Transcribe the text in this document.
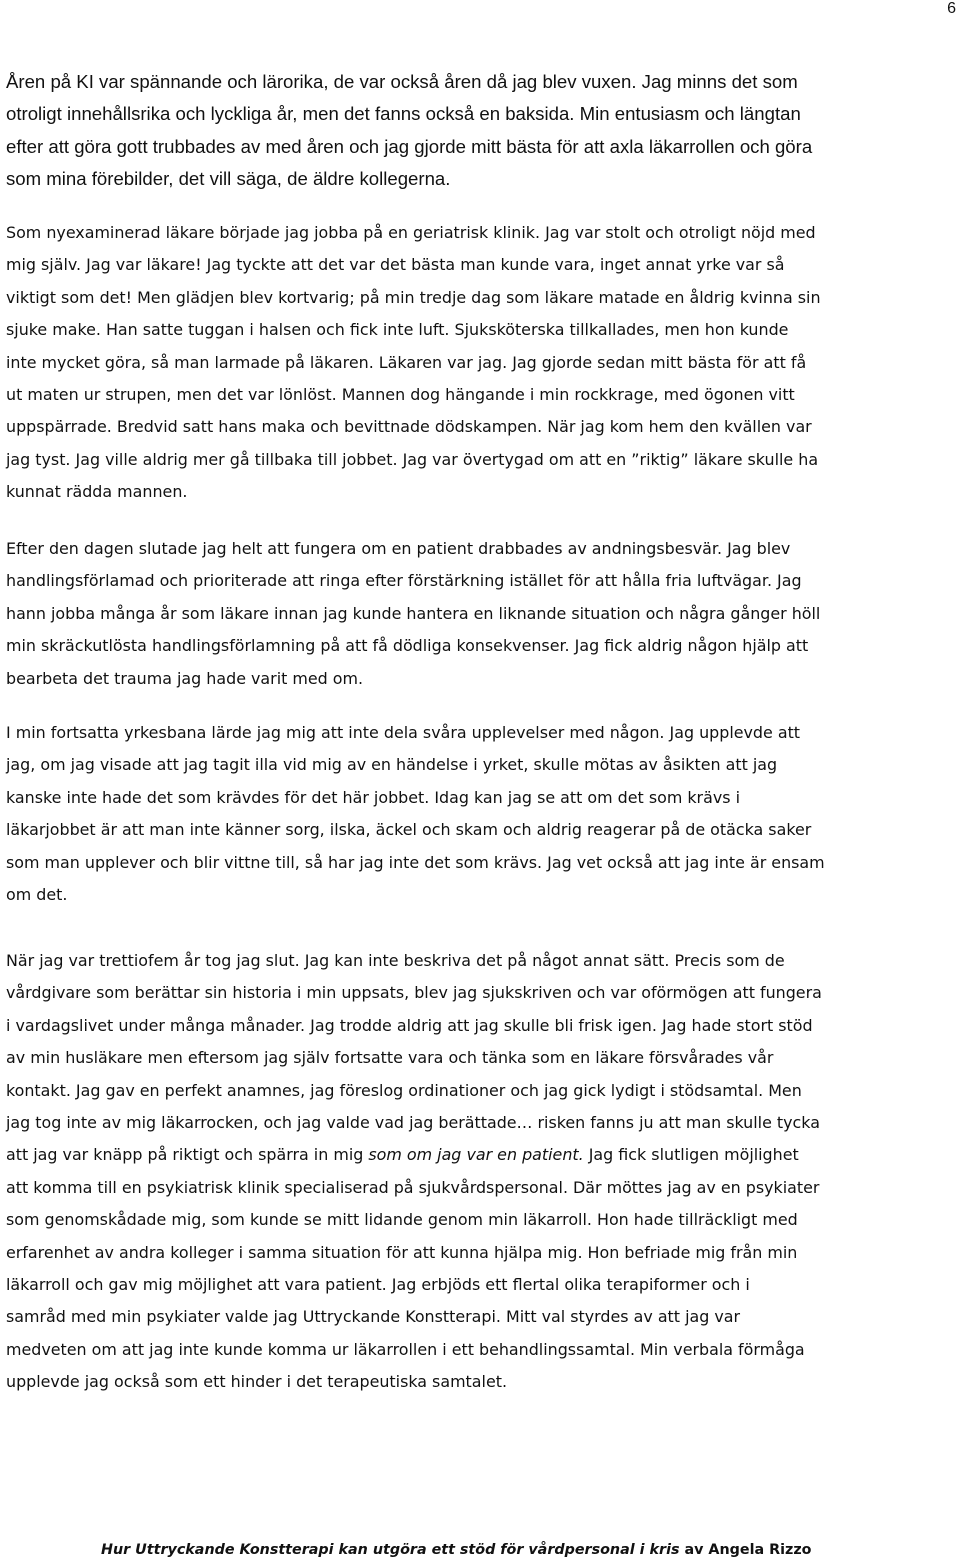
6

Åren på KI var spännande och lärorika, de var också åren då jag blev vuxen. Jag minns det som
otroligt innehållsrika och lyckliga år, men det fanns också en baksida. Min entusiasm och längtan
efter att göra gott trubbades av med åren och jag gjorde mitt bästa för att axla läkarrollen och göra
som mina förebilder, det vill säga, de äldre kollegerna.

Som nyexaminerad läkare började jag jobba på en geriatrisk klinik. Jag var stolt och otroligt nöjd med
mig själv. Jag var läkare! Jag tyckte att det var det bästa man kunde vara, inget annat yrke var så
viktigt som det! Men glädjen blev kortvarig; på min tredje dag som läkare matade en åldrig kvinna sin
sjuke make. Han satte tuggan i halsen och fick inte luft. Sjuksköterska tillkallades, men hon kunde
inte mycket göra, så man larmade på läkaren. Läkaren var jag. Jag gjorde sedan mitt bästa för att få
ut maten ur strupen, men det var lönlöst. Mannen dog hängande i min rockkrage, med ögonen vitt
uppspärrade. Bredvid satt hans maka och bevittnade dödskampen. När jag kom hem den kvällen var
jag tyst. Jag ville aldrig mer gå tillbaka till jobbet. Jag var övertygad om att en ”riktig” läkare skulle ha
kunnat rädda mannen.

Efter den dagen slutade jag helt att fungera om en patient drabbades av andningsbesvär. Jag blev
handlingsförlamad och prioriterade att ringa efter förstärkning istället för att hålla fria luftvägar. Jag
hann jobba många år som läkare innan jag kunde hantera en liknande situation och några gånger höll
min skräckutlösta handlingsförlamning på att få dödliga konsekvenser. Jag fick aldrig någon hjälp att
bearbeta det trauma jag hade varit med om.

I min fortsatta yrkesbana lärde jag mig att inte dela svåra upplevelser med någon. Jag upplevde att
jag, om jag visade att jag tagit illa vid mig av en händelse i yrket, skulle mötas av åsikten att jag
kanske inte hade det som krävdes för det här jobbet. Idag kan jag se att om det som krävs i
läkarjobbet är att man inte känner sorg, ilska, äckel och skam och aldrig reagerar på de otäcka saker
som man upplever och blir vittne till, så har jag inte det som krävs. Jag vet också att jag inte är ensam
om det.

När jag var trettiofem år tog jag slut. Jag kan inte beskriva det på något annat sätt. Precis som de
vårdgivare som berättar sin historia i min uppsats, blev jag sjukskriven och var oförmögen att fungera
i vardagslivet under många månader. Jag trodde aldrig att jag skulle bli frisk igen. Jag hade stort stöd
av min husläkare men eftersom jag själv fortsatte vara och tänka som en läkare försvårades vår
kontakt. Jag gav en perfekt anamnes, jag föreslog ordinationer och jag gick lydigt i stödsamtal. Men
jag tog inte av mig läkarrocken, och jag valde vad jag berättade… risken fanns ju att man skulle tycka
att jag var knäpp på riktigt och spärra in mig som om jag var en patient. Jag fick slutligen möjlighet
att komma till en psykiatrisk klinik specialiserad på sjukvårdspersonal. Där möttes jag av en psykiater
som genomskådade mig, som kunde se mitt lidande genom min läkarroll. Hon hade tillräckligt med
erfarenhet av andra kolleger i samma situation för att kunna hjälpa mig. Hon befriade mig från min
läkarroll och gav mig möjlighet att vara patient. Jag erbjöds ett flertal olika terapiformer och i
samråd med min psykiater valde jag Uttryckande Konstterapi. Mitt val styrdes av att jag var
medveten om att jag inte kunde komma ur läkarrollen i ett behandlingssamtal. Min verbala förmåga
upplevde jag också som ett hinder i det terapeutiska samtalet.

Hur Uttryckande Konstterapi kan utgöra ett stöd för vårdpersonal i kris av Angela Rizzo
